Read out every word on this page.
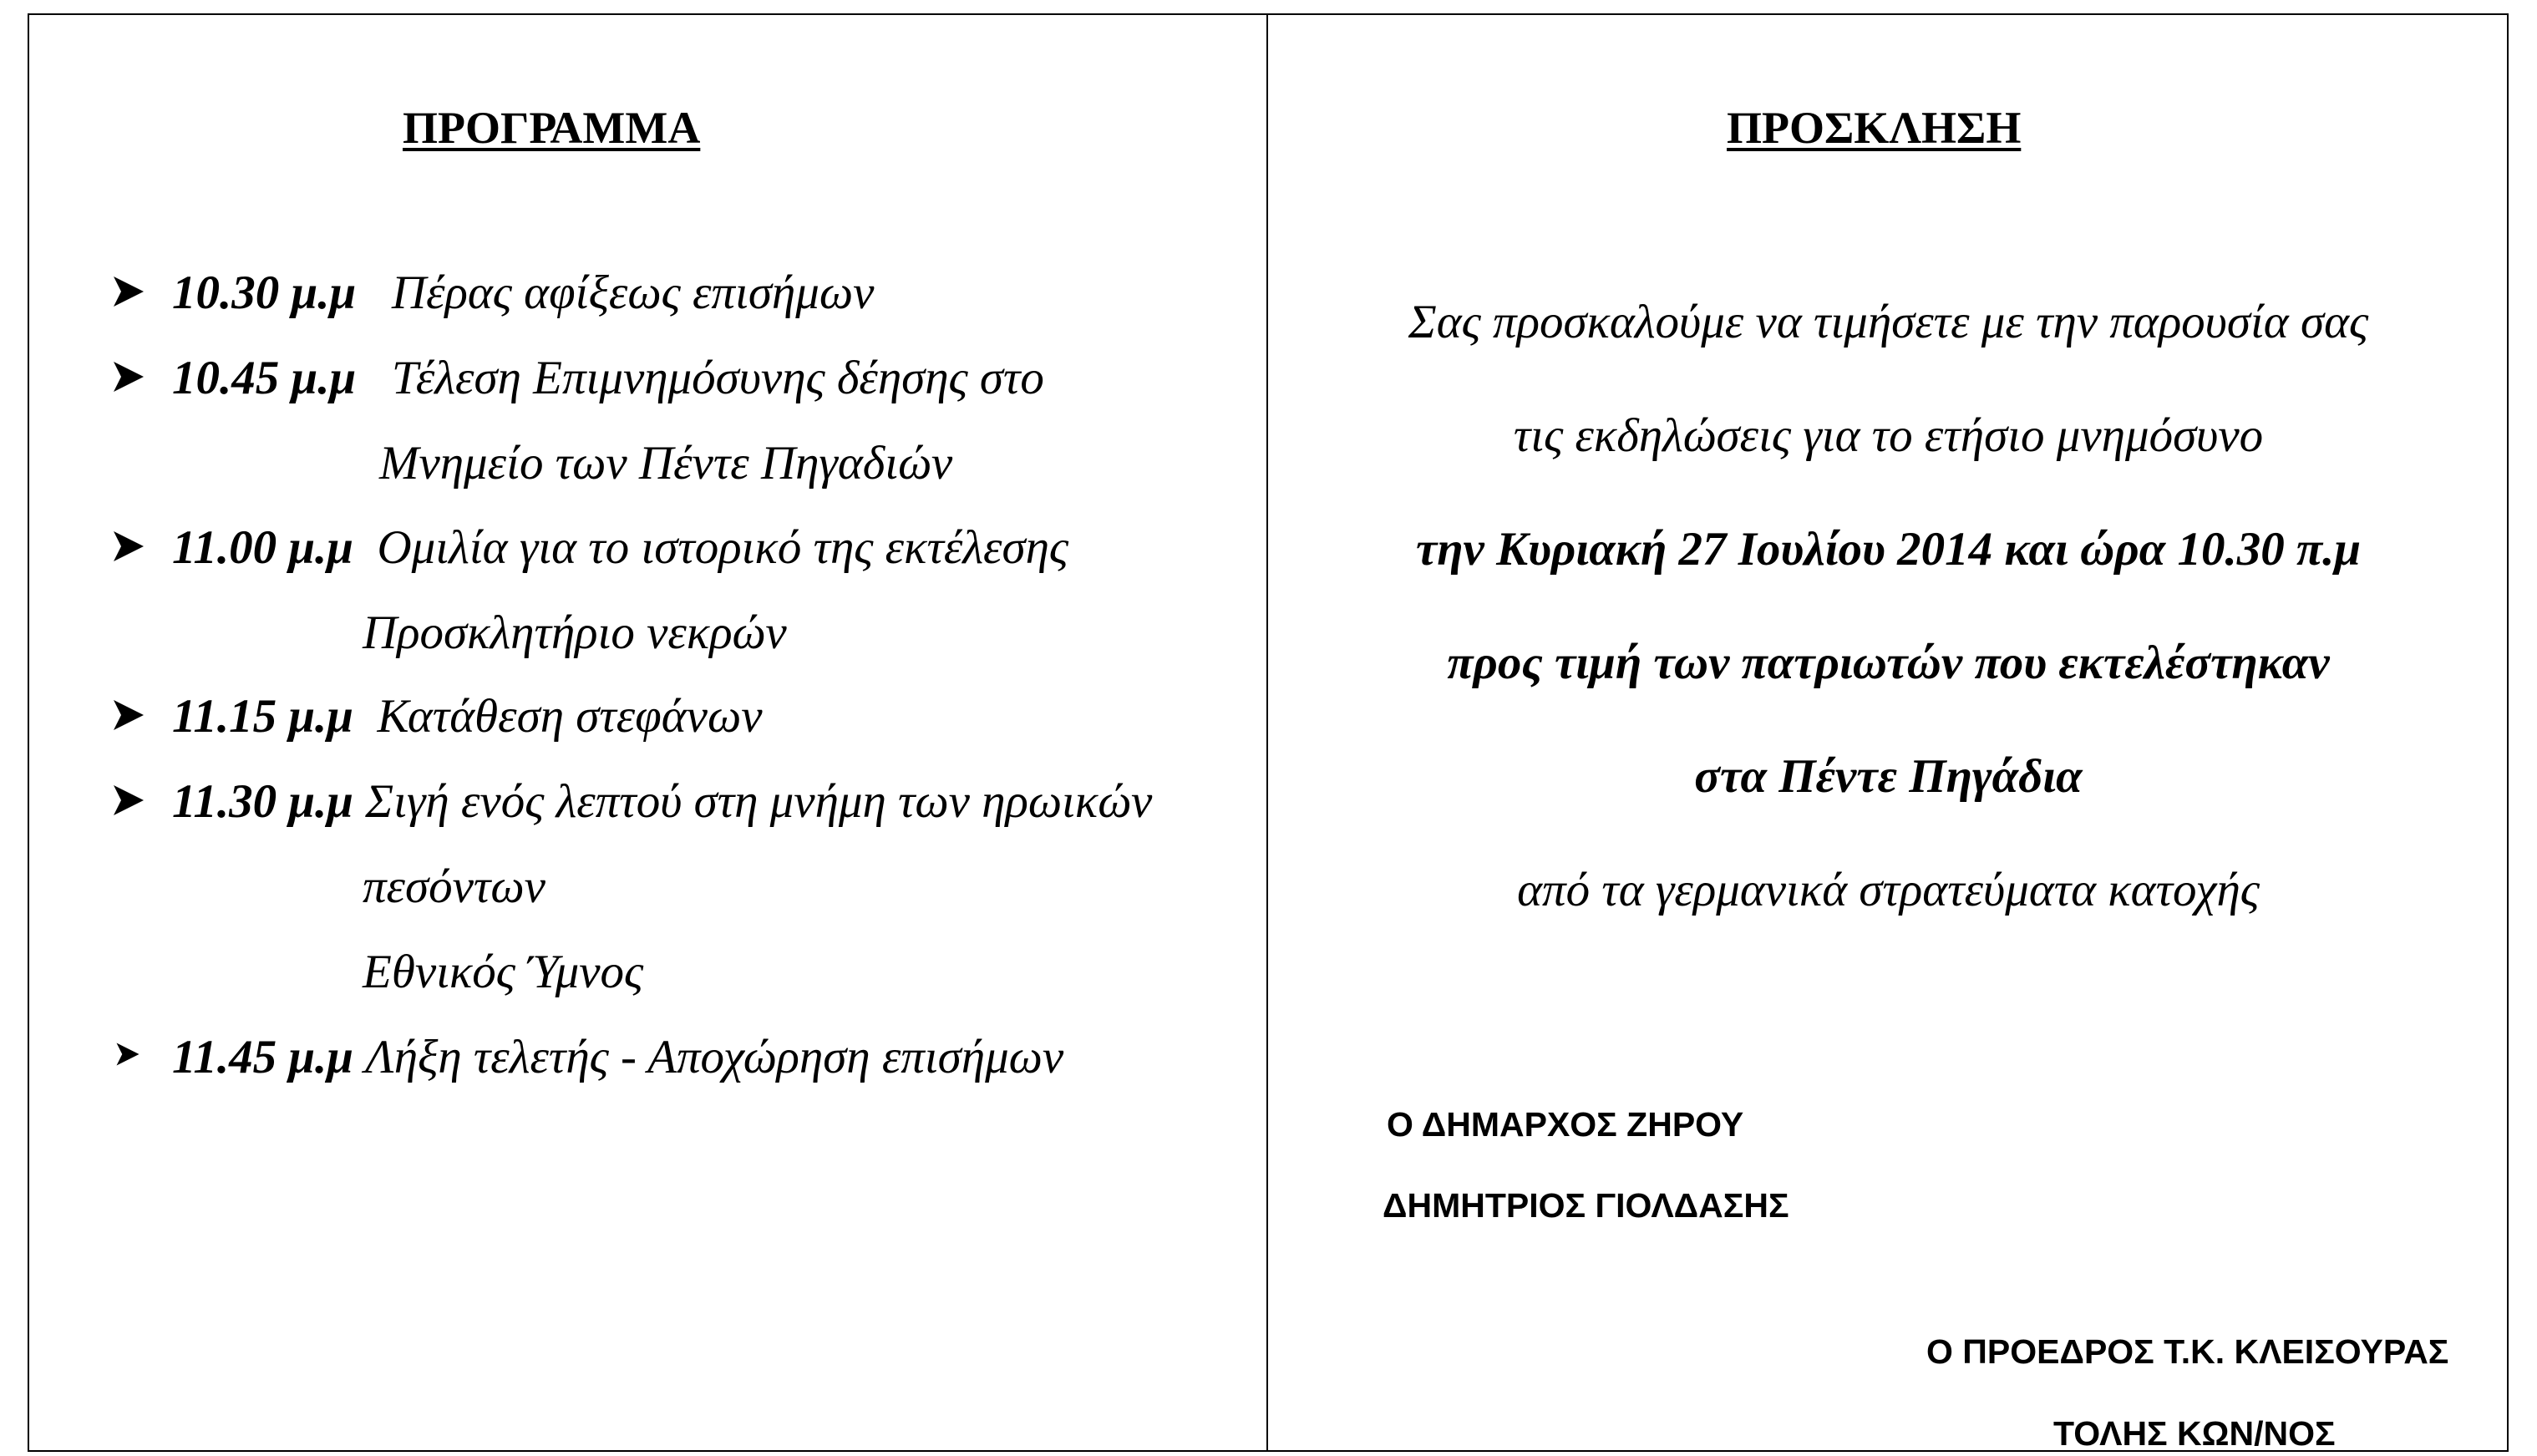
ΠΡΟΓΡΑΜΜΑ
10.30 μ.μ Πέρας αφίξεως επισήμων
10.45 μ.μ Τέλεση Επιμνημόσυνης δέησης στο
Μνημείο των Πέντε Πηγαδιών
11.00 μ.μ Ομιλία για το ιστορικό της εκτέλεσης
Προσκλητήριο νεκρών
11.15 μ.μ Κατάθεση στεφάνων
11.30 μ.μ Σιγή ενός λεπτού στη μνήμη των ηρωικών
πεσόντων
Εθνικός Ύμνος
11.45 μ.μ Λήξη τελετής - Αποχώρηση επισήμων
ΠΡΟΣΚΛΗΣΗ
Σας προσκαλούμε να τιμήσετε με την παρουσία σας
τις εκδηλώσεις για το ετήσιο μνημόσυνο
την Κυριακή 27 Ιουλίου 2014 και ώρα 10.30 π.μ
προς τιμή των πατριωτών που εκτελέστηκαν
στα Πέντε Πηγάδια
από τα γερμανικά στρατεύματα κατοχής
Ο ΔΗΜΑΡΧΟΣ ΖΗΡΟΥ
ΔΗΜΗΤΡΙΟΣ ΓΙΟΛΔΑΣΗΣ
Ο ΠΡΟΕΔΡΟΣ Τ.Κ. ΚΛΕΙΣΟΥΡΑΣ
ΤΟΛΗΣ ΚΩΝ/ΝΟΣ
